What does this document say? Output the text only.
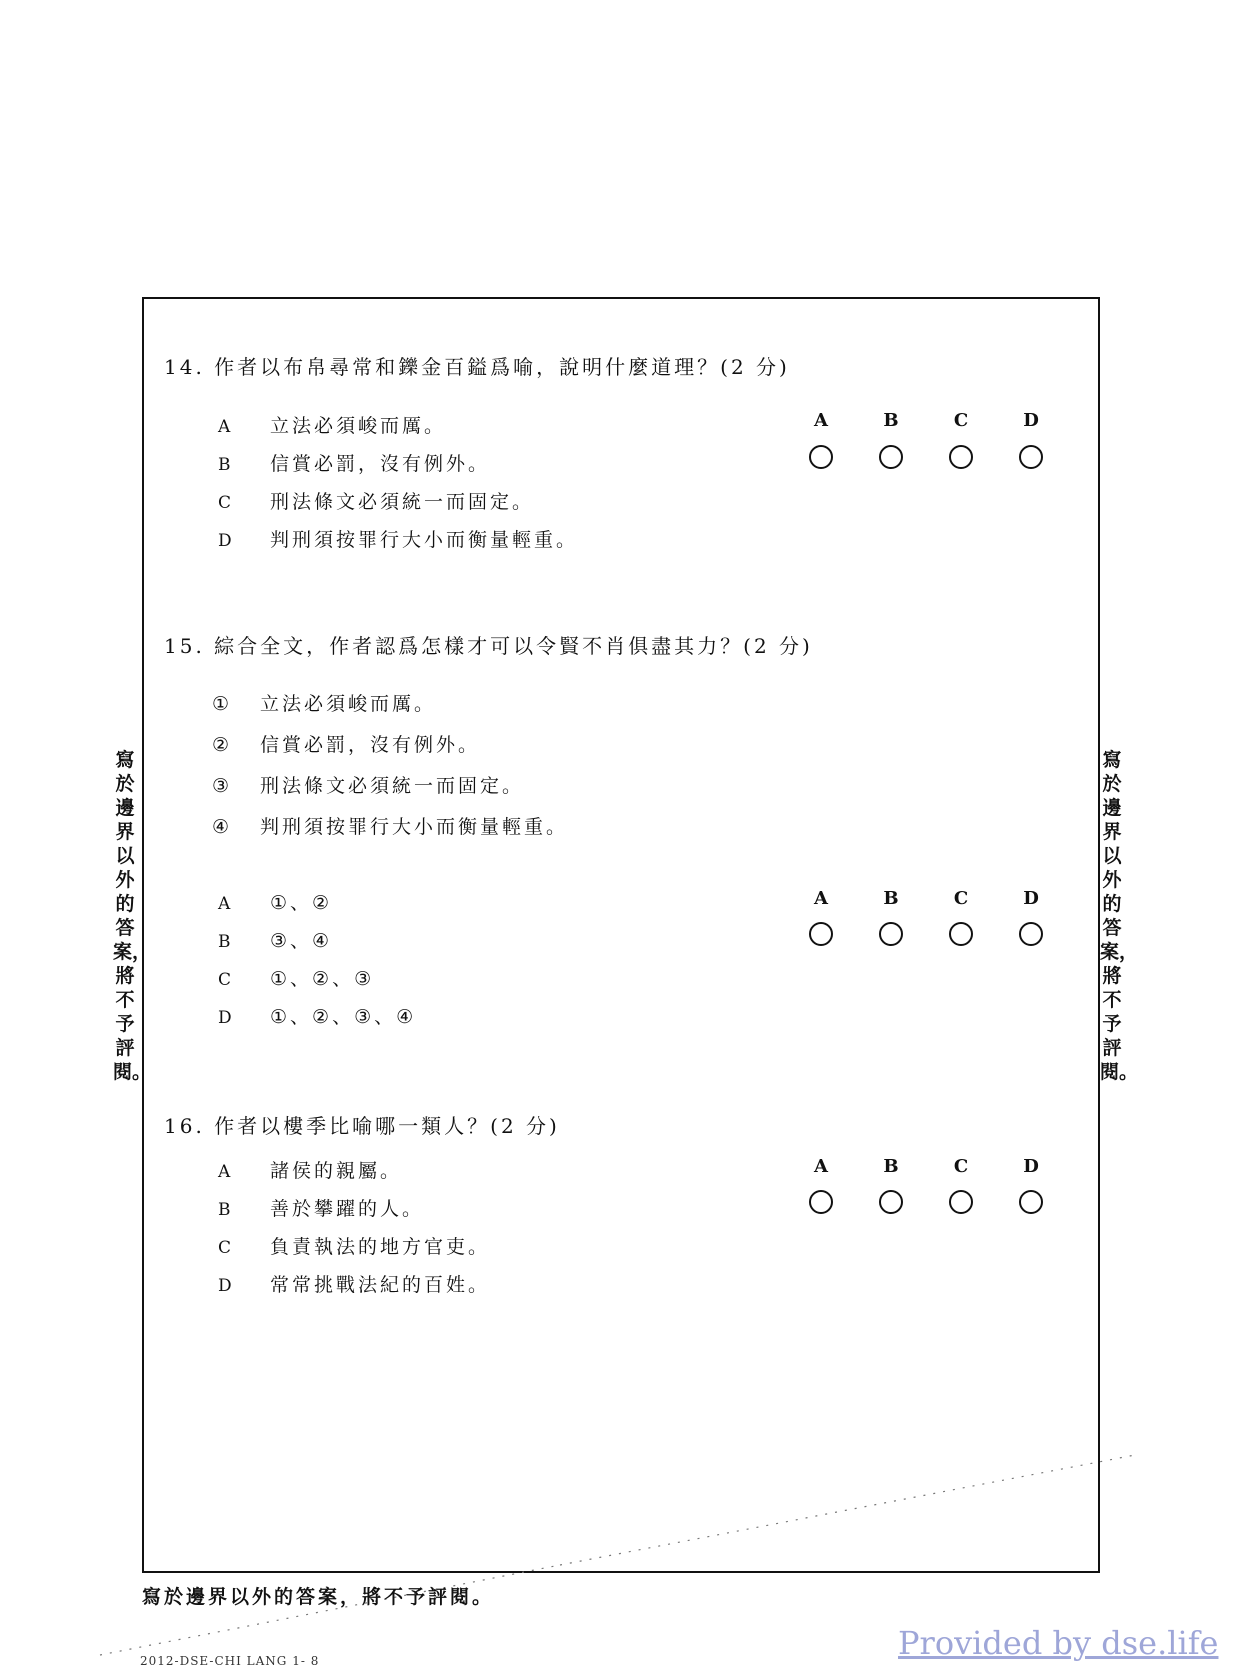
寫於邊界以外的答案，將不予評閱。
寫於邊界以外的答案，將不予評閱。
14. 作者以布帛尋常和鑠金百鎰爲喻，說明什麼道理？(2 分)
A 立法必須峻而厲。
B 信賞必罰，沒有例外。
C 刑法條文必須統一而固定。
D 判刑須按罪行大小而衡量輕重。
A	B	C	D
15. 綜合全文，作者認爲怎樣才可以令賢不肖俱盡其力？(2 分)
① 立法必須峻而厲。
② 信賞必罰，沒有例外。
③ 刑法條文必須統一而固定。
④ 判刑須按罪行大小而衡量輕重。
A ①、②
B ③、④
C ①、②、③
D ①、②、③、④
A	B	C	D
16. 作者以樓季比喻哪一類人？(2 分)
A 諸侯的親屬。
B 善於攀躍的人。
C 負責執法的地方官吏。
D 常常挑戰法紀的百姓。
A	B	C	D
寫於邊界以外的答案，將不予評閱。
2012-DSE-CHI LANG 1- 8	Provided by dse.life
